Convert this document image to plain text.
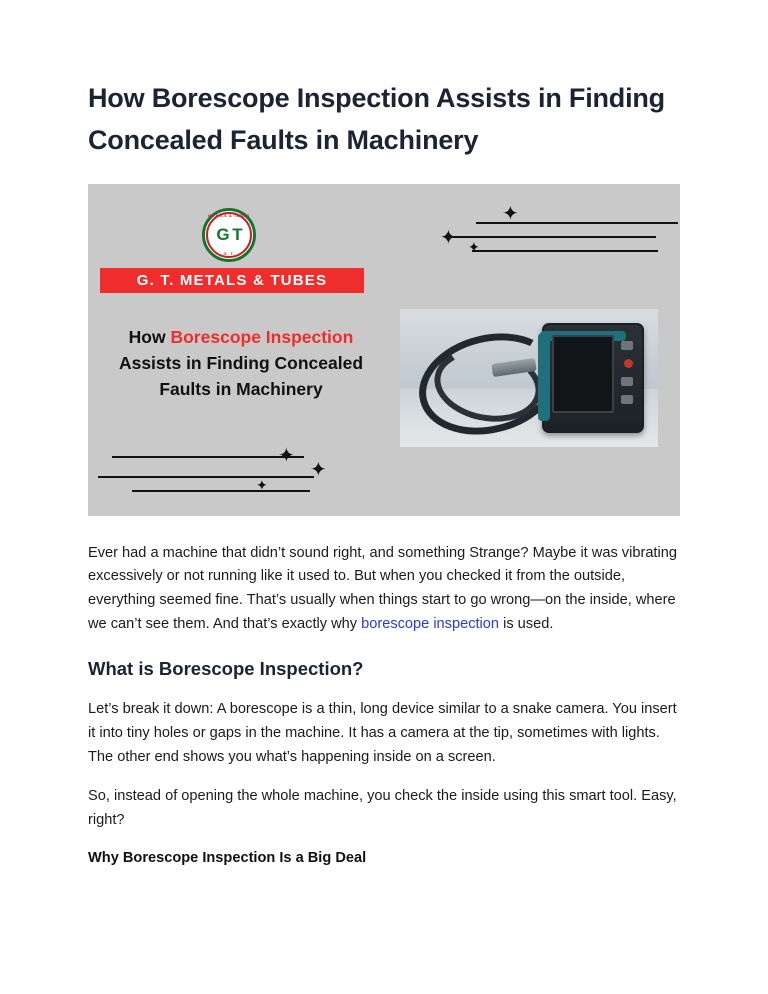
How Borescope Inspection Assists in Finding Concealed Faults in Machinery
✦
✦ ✦
✦
✦
✦
METALS & TUBES
G T
G. T.
G. T. METALS & TUBES
How Borescope Inspection
Assists in Finding Concealed
Faults in Machinery

Ever had a machine that didn’t sound right, and something Strange? Maybe it was vibrating excessively or not running like it used to. But when you checked it from the outside, everything seemed fine. That’s usually when things start to go wrong—on the inside, where we can’t see them. And that’s exactly why borescope inspection is used.

What is Borescope Inspection?

Let’s break it down: A borescope is a thin, long device similar to a snake camera. You insert it into tiny holes or gaps in the machine. It has a camera at the tip, sometimes with lights. The other end shows you what’s happening inside on a screen.

So, instead of opening the whole machine, you check the inside using this smart tool. Easy, right?

Why Borescope Inspection Is a Big Deal
